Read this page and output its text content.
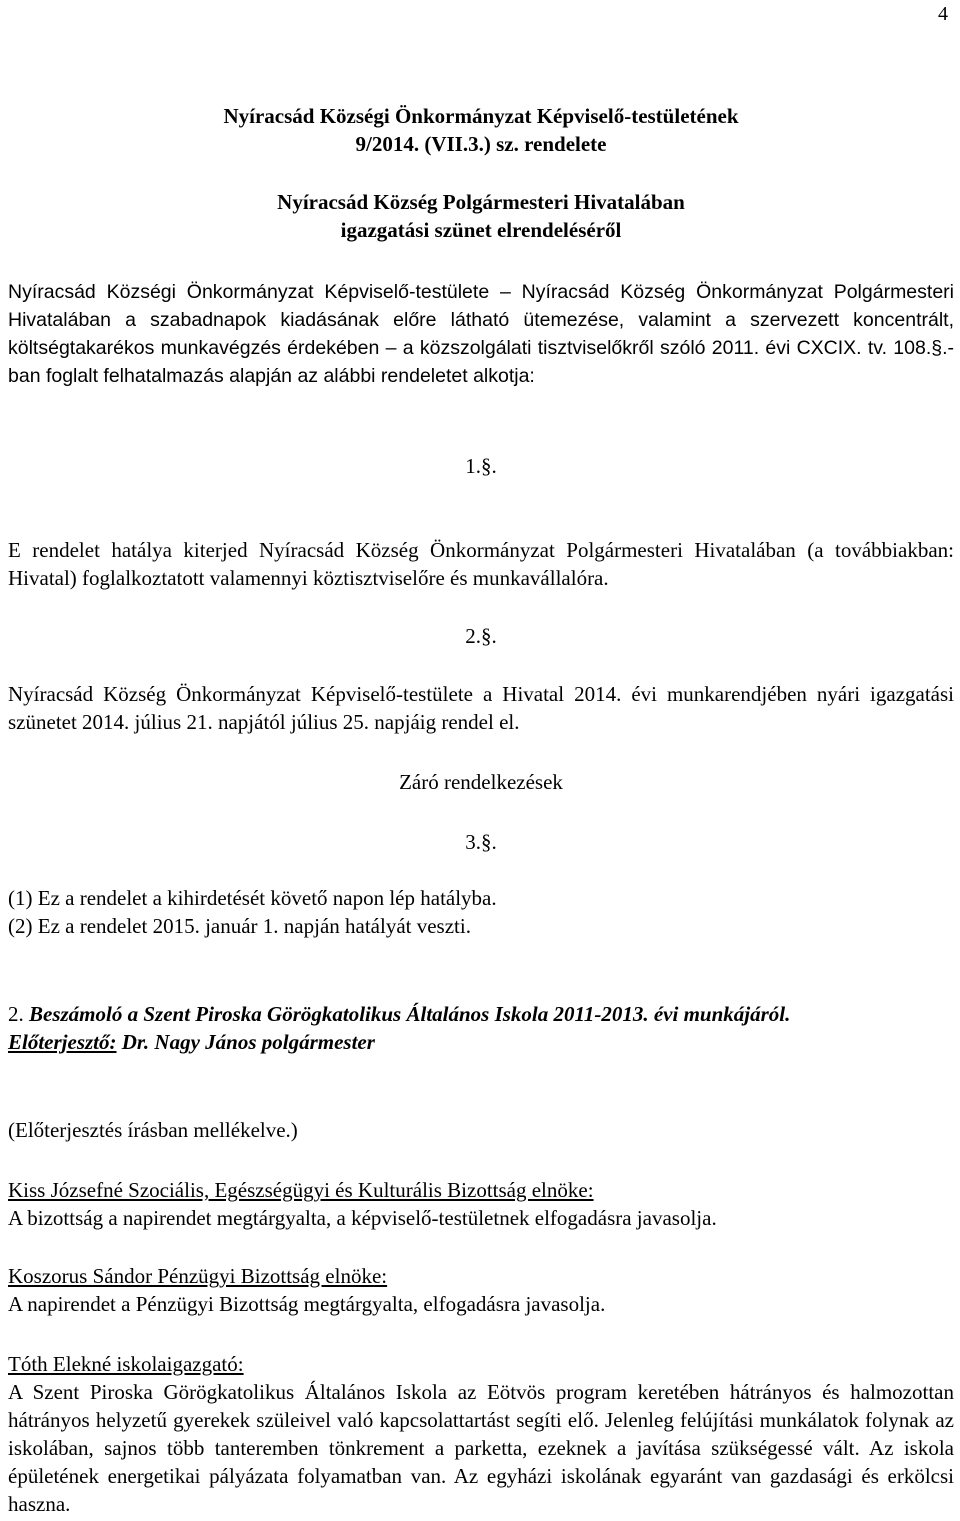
4

Nyíracsád Községi Önkormányzat Képviselő-testületének

9/2014. (VII.3.) sz. rendelete

Nyíracsád Község Polgármesteri Hivatalában

igazgatási szünet elrendeléséről

Nyíracsád Községi Önkormányzat Képviselő-testülete – Nyíracsád Község Önkormányzat Polgármesteri Hivatalában a szabadnapok kiadásának előre látható ütemezése, valamint a szervezett koncentrált, költségtakarékos munkavégzés érdekében – a közszolgálati tisztviselőkről szóló 2011. évi CXCIX. tv. 108.§.-ban foglalt felhatalmazás alapján az alábbi rendeletet alkotja:

1.§.

E rendelet hatálya kiterjed Nyíracsád Község Önkormányzat Polgármesteri Hivatalában (a továbbiakban: Hivatal) foglalkoztatott valamennyi köztisztviselőre és munkavállalóra.

2.§.

Nyíracsád Község Önkormányzat Képviselő-testülete a Hivatal 2014. évi munkarendjében nyári igazgatási szünetet 2014. július 21. napjától július 25. napjáig rendel el.

Záró rendelkezések

3.§.

(1) Ez a rendelet a kihirdetését követő napon lép hatályba.

(2) Ez a rendelet 2015. január 1. napján hatályát veszti.

2. Beszámoló a Szent Piroska Görögkatolikus Általános Iskola 2011-2013. évi munkájáról.

Előterjesztő: Dr. Nagy János polgármester

(Előterjesztés írásban mellékelve.)

Kiss Józsefné Szociális, Egészségügyi és Kulturális Bizottság elnöke:

A bizottság a napirendet megtárgyalta, a képviselő-testületnek elfogadásra javasolja.

Koszorus Sándor Pénzügyi Bizottság elnöke:

A napirendet a Pénzügyi Bizottság megtárgyalta, elfogadásra javasolja.

Tóth Elekné iskolaigazgató:

A Szent Piroska Görögkatolikus Általános Iskola az Eötvös program keretében hátrányos és halmozottan hátrányos helyzetű gyerekek szüleivel való kapcsolattartást segíti elő. Jelenleg felújítási munkálatok folynak az iskolában, sajnos több tanteremben tönkrement a parketta, ezeknek a javítása szükségessé vált. Az iskola épületének energetikai pályázata folyamatban van. Az egyházi iskolának egyaránt van gazdasági és erkölcsi haszna.
